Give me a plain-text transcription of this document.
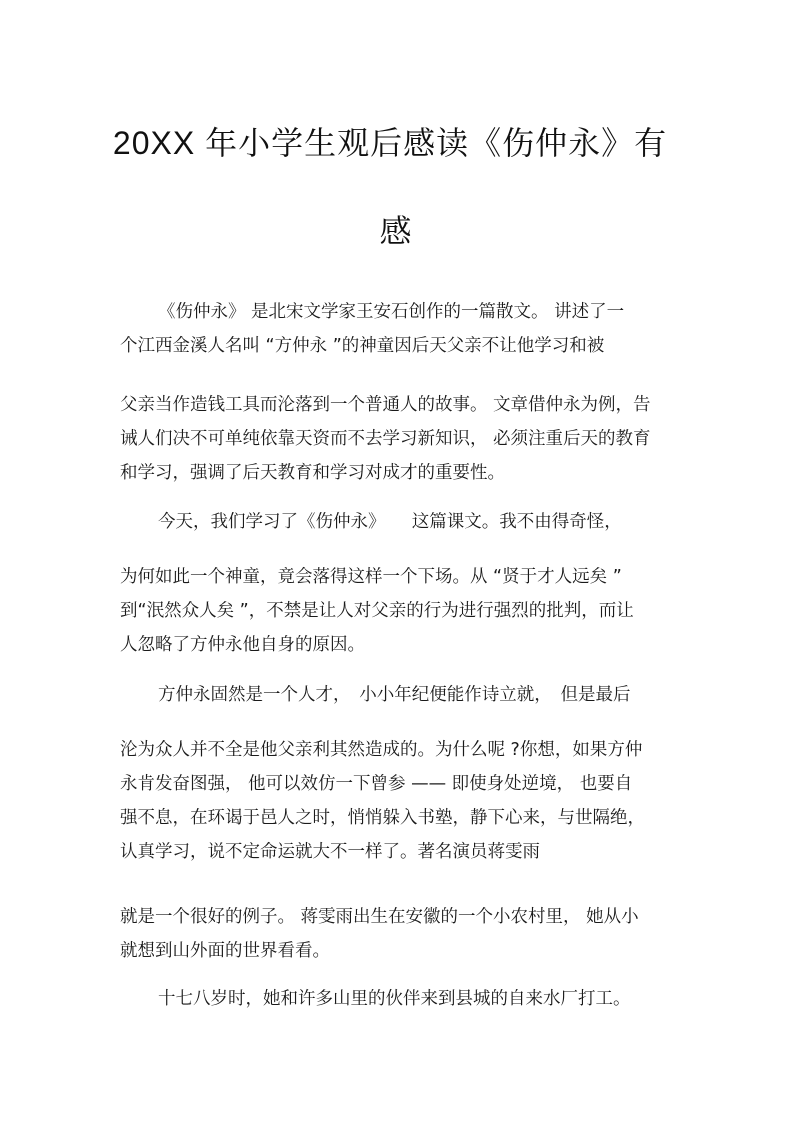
20XX 年小学生观后感读《伤仲永》有
感
《伤仲永》 是北宋文学家王安石创作的一篇散文。 讲述了一
个江西金溪人名叫 “方仲永 ”的神童因后天父亲不让他学习和被
父亲当作造钱工具而沦落到一个普通人的故事。 文章借仲永为例，告
诫人们决不可单纯依靠天资而不去学习新知识， 必须注重后天的教育
和学习，强调了后天教育和学习对成才的重要性。
今天，我们学习了《伤仲永》　　这篇课文。我不由得奇怪，
为何如此一个神童，竟会落得这样一个下场。从 “贤于才人远矣 ”
到“泯然众人矣 ”，不禁是让人对父亲的行为进行强烈的批判，而让
人忽略了方仲永他自身的原因。
方仲永固然是一个人才，　小小年纪便能作诗立就，　但是最后
沦为众人并不全是他父亲利其然造成的。为什么呢 ?你想，如果方仲
永肯发奋图强， 他可以效仿一下曾参 —— 即使身处逆境， 也要自
强不息，在环谒于邑人之时，悄悄躲入书塾，静下心来，与世隔绝，
认真学习，说不定命运就大不一样了。著名演员蒋雯雨
就是一个很好的例子。 蒋雯雨出生在安徽的一个小农村里， 她从小
就想到山外面的世界看看。
十七八岁时，她和许多山里的伙伴来到县城的自来水厂打工。
